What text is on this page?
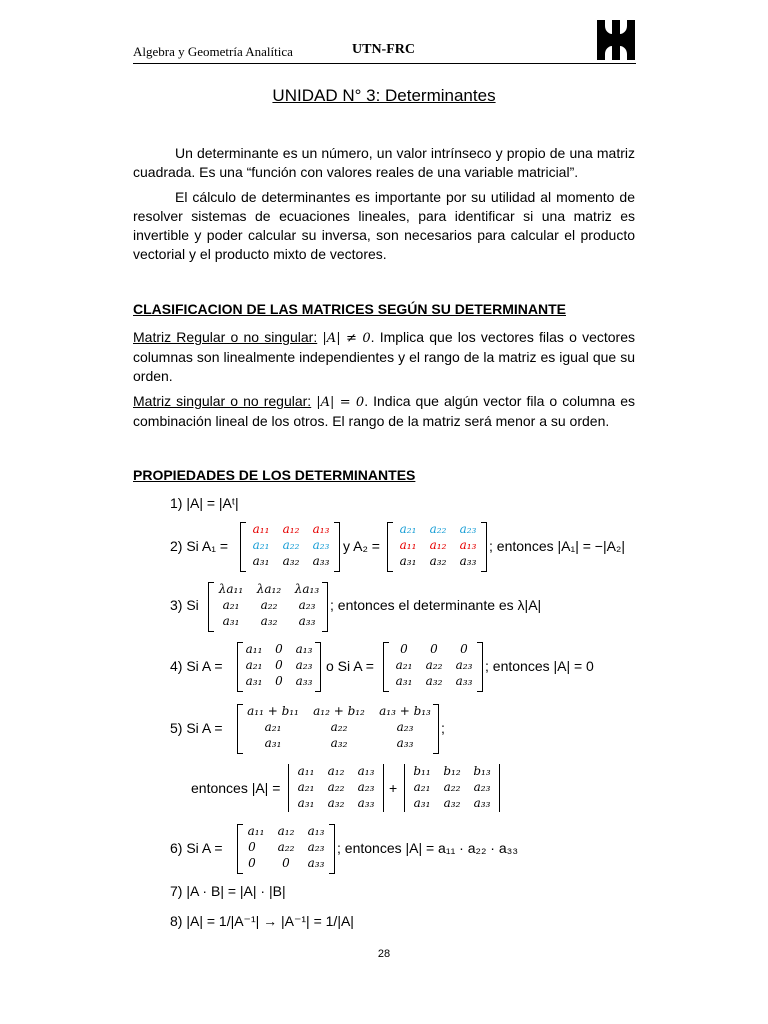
Algebra y Geometría Analítica	UTN-FRC
UNIDAD N° 3: Determinantes
Un determinante es un número, un valor intrínseco y propio de una matriz cuadrada. Es una “función con valores reales de una variable matricial”.
El cálculo de determinantes es importante por su utilidad al momento de resolver sistemas de ecuaciones lineales, para identificar si una matriz es invertible y poder calcular su inversa, son necesarios para calcular el producto vectorial y el producto mixto de vectores.
CLASIFICACION DE LAS MATRICES SEGÚN SU DETERMINANTE
Matriz Regular o no singular: |A| ≠ 0. Implica que los vectores filas o vectores columnas son linealmente independientes y el rango de la matriz es igual que su orden.
Matriz singular o no regular: |A| = 0. Indica que algún vector fila o columna es combinación lineal de los otros. El rango de la matriz será menor a su orden.
PROPIEDADES DE LOS DETERMINANTES
1) |A| = |Aᵗ|
2) Si A₁ =
a₁₁	a₁₂	a₁₃
a₂₁	a₂₂	a₂₃
a₃₁	a₃₂	a₃₃
y A₂ =
a₂₁	a₂₂	a₂₃
a₁₁	a₁₂	a₁₃
a₃₁	a₃₂	a₃₃
; entonces |A₁| = −|A₂|
3) Si
λa₁₁	λa₁₂	λa₁₃
a₂₁	a₂₂	a₂₃
a₃₁	a₃₂	a₃₃
; entonces el determinante es λ|A|
4) Si A =
a₁₁	0	a₁₃
a₂₁	0	a₂₃
a₃₁	0	a₃₃
o Si A =
0	0	0
a₂₁	a₂₂	a₂₃
a₃₁	a₃₂	a₃₃
; entonces |A| = 0
5) Si A =
a₁₁ + b₁₁	a₁₂ + b₁₂	a₁₃ + b₁₃
a₂₁	a₂₂	a₂₃
a₃₁	a₃₂	a₃₃
;
entonces |A| =
a₁₁	a₁₂	a₁₃
a₂₁	a₂₂	a₂₃
a₃₁	a₃₂	a₃₃
+
b₁₁	b₁₂	b₁₃
a₂₁	a₂₂	a₂₃
a₃₁	a₃₂	a₃₃
6) Si A =
a₁₁	a₁₂	a₁₃
0	a₂₂	a₂₃
0	0	a₃₃
; entonces |A| = a₁₁ · a₂₂ · a₃₃
7) |A · B| = |A| · |B|
8) |A| = 1/|A⁻¹| → |A⁻¹| = 1/|A|
28
